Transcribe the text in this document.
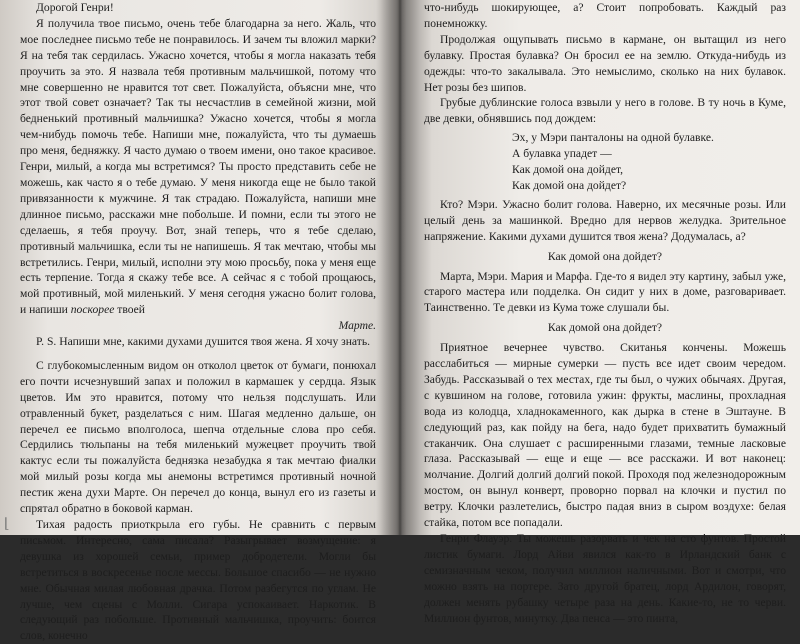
Дорогой Генри!

Я получила твое письмо, очень тебе благодарна за него. Жаль, что мое последнее письмо тебе не понравилось. И зачем ты вложил марки? Я на тебя так сердилась. Ужасно хочется, чтобы я могла наказать тебя проучить за это. Я назвала тебя противным мальчишкой, потому что мне совершенно не нравится тот свет. Пожалуйста, объясни мне, что этот твой совет означает? Так ты несчастлив в семейной жизни, мой бедненький противный мальчишка? Ужасно хочется, чтобы я могла чем-нибудь помочь тебе. Напиши мне, пожалуйста, что ты думаешь про меня, бедняжку. Я часто думаю о твоем имени, оно такое красивое. Генри, милый, а когда мы встретимся? Ты просто представить себе не можешь, как часто я о тебе думаю. У меня никогда еще не было такой привязанности к мужчине. Я так страдаю. Пожалуйста, напиши мне длинное письмо, расскажи мне побольше. И помни, если ты этого не сделаешь, я тебя проучу. Вот, знай теперь, что я тебе сделаю, противный мальчишка, если ты не напишешь. Я так мечтаю, чтобы мы встретились. Генри, милый, исполни эту мою просьбу, пока у меня еще есть терпение. Тогда я скажу тебе все. А сейчас я с тобой прощаюсь, мой противный, мой миленький. У меня сегодня ужасно болит голова, и напиши поскорее твоей

Марте.

P. S. Напиши мне, какими духами душится твоя жена. Я хочу знать.

С глубокомысленным видом он отколол цветок от бумаги, понюхал его почти исчезнувший запах и положил в кармашек у сердца. Язык цветов. Им это нравится, потому что нельзя подслушать. Или отравленный букет, разделаться с ним. Шагая медленно дальше, он перечел ее письмо вполголоса, шепча отдельные слова про себя. Сердились тюльпаны на тебя миленький мужецвет проучить твой кактус если ты пожалуйста беднязка незабудка я так мечтаю фиалки мой милый розы когда мы анемоны встретимся противный ночной пестик жена духи Марте. Он перечел до конца, вынул его из газеты и спрятал обратно в боковой карман.

Тихая радость приоткрыла его губы. Не сравнить с первым письмом. Интересно, сама писала? Разыгрывает возмущение: я девушка из хорошей семьи, пример добродетели. Могли бы встретиться в воскресенье после мессы. Большое спасибо — не нужно мне. Обычная милая любовная драчка. Потом разбегутся по углам. Не лучше, чем сцены с Молли. Сигара успокаивает. Наркотик. В следующий раз побольше. Противный мальчишка, проучить: боится слов, конечно

что-нибудь шокирующее, а? Стоит попробовать. Каждый раз понемножку.

Продолжая ощупывать письмо в кармане, он вытащил из него булавку. Простая булавка? Он бросил ее на землю. Откуда-нибудь из одежды: что-то закалывала. Это немыслимо, сколько на них булавок. Нет розы без шипов.

Грубые дублинские голоса взвыли у него в голове. В ту ночь в Куме, две девки, обнявшись под дождем:

Эх, у Мэри панталоны на одной булавке.
А булавка упадет —
Как домой она дойдет,
Как домой она дойдет?

Кто? Мэри. Ужасно болит голова. Наверно, их месячные розы. Или целый день за машинкой. Вредно для нервов желудка. Зрительное напряжение. Какими духами душится твоя жена? Додумалась, а?

Как домой она дойдет?

Марта, Мэри. Мария и Марфа. Где-то я видел эту картину, забыл уже, старого мастера или подделка. Он сидит у них в доме, разговаривает. Таинственно. Те девки из Кума тоже слушали бы.

Как домой она дойдет?

Приятное вечернее чувство. Скитанья кончены. Можешь расслабиться — мирные сумерки — пусть все идет своим чередом. Забудь. Рассказывай о тех местах, где ты был, о чужих обычаях. Другая, с кувшином на голове, готовила ужин: фрукты, маслины, прохладная вода из колодца, хладнокаменного, как дырка в стене в Эштауне. В следующий раз, как пойду на бега, надо будет прихватить бумажный стаканчик. Она слушает с расширенными глазами, темные ласковые глаза. Рассказывай — еще и еще — все расскажи. И вот наконец: молчание. Долгий долгий долгий покой. Проходя под железнодорожным мостом, он вынул конверт, проворно порвал на клочки и пустил по ветру. Клочки разлетелись, быстро падая вниз в сыром воздухе: белая стайка, потом все попадали.

Генри Флауэр. Ты можешь разорвать и чек на сто фунтов. Простой листик бумаги. Лорд Айви явился как-то в Ирландский банк с семизначным чеком, получил миллион наличными. Вот и смотри, что можно взять на портере. Зато другой братец, лорд Ардилон, говорят, должен менять рубашку четыре раза на день. Какие-то, не то черви. Миллион фунтов, минутку. Два пенса — это пинта,

⌊
